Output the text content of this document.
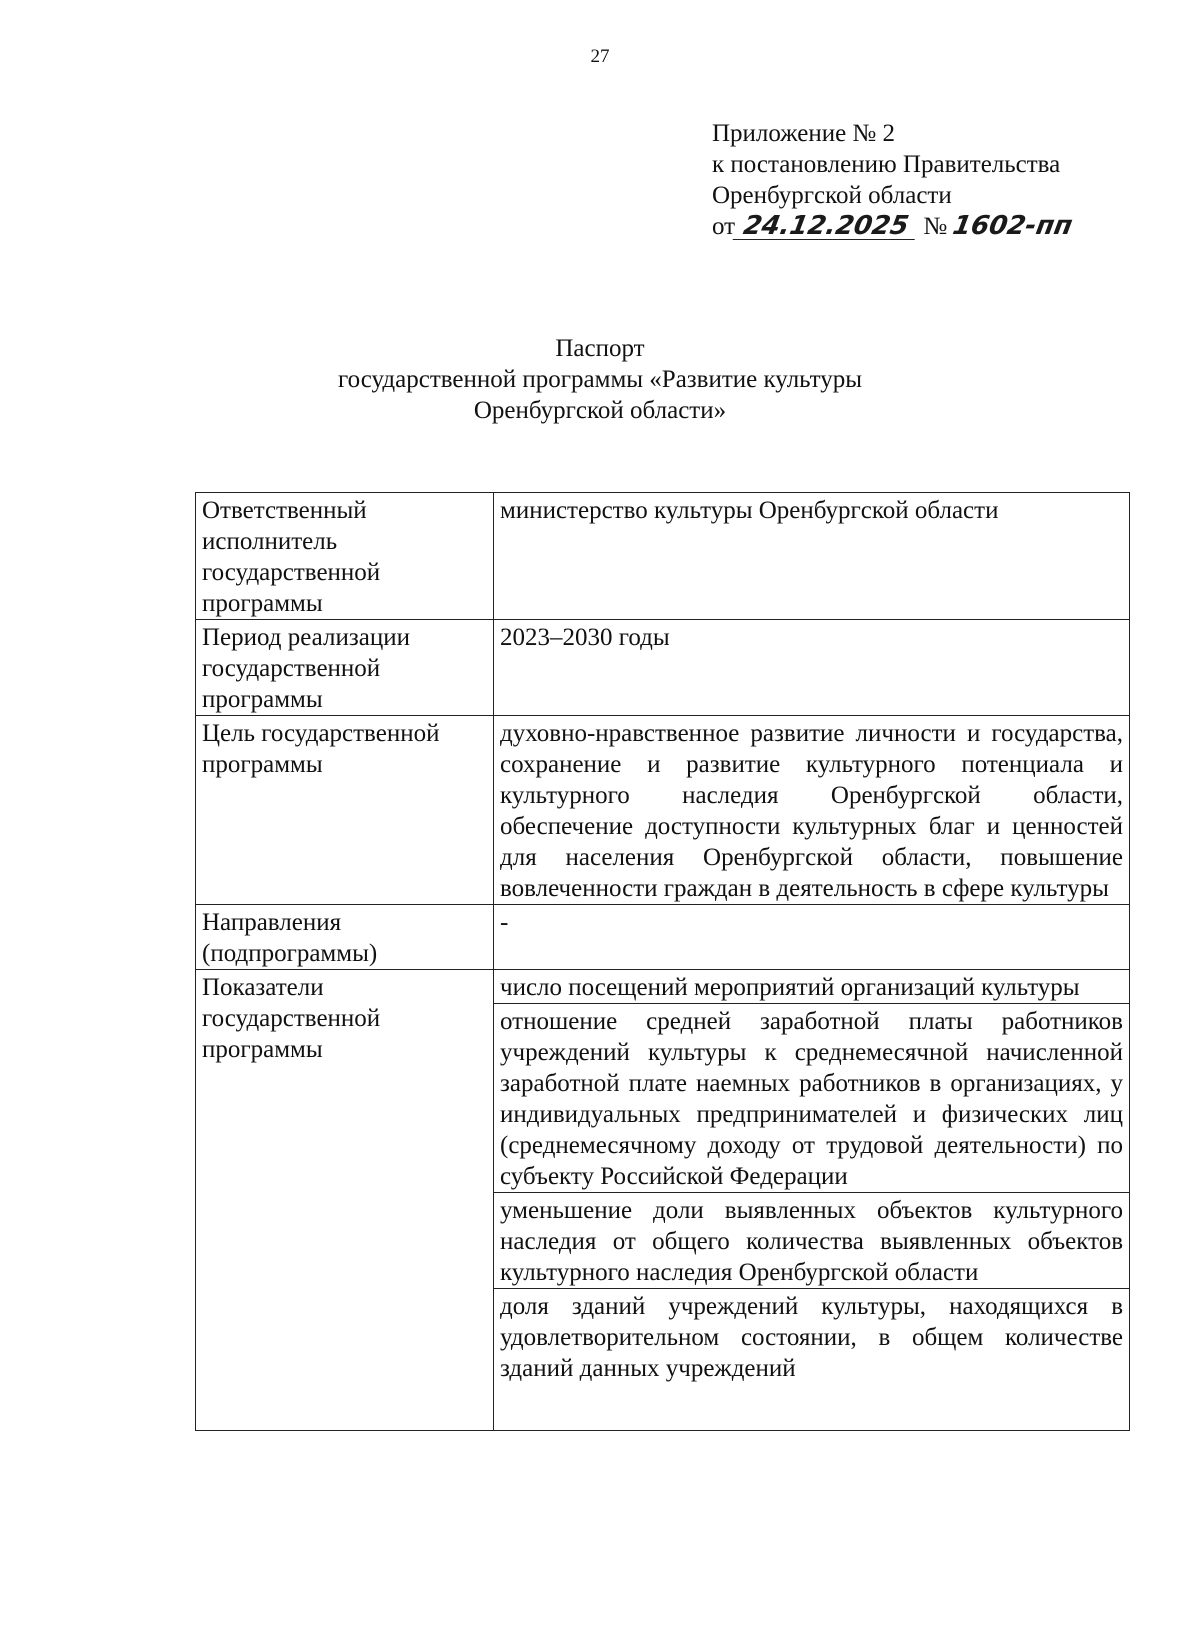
27
Приложение № 2
к постановлению Правительства
Оренбургской области
от 24.12.2025 № 1602-пп
Паспорт
государственной программы «Развитие культуры
Оренбургской области»
Ответственный исполнитель государственной программы	министерство культуры Оренбургской области
Период реализации государственной программы	2023–2030 годы
Цель государственной программы	духовно-нравственное развитие личности и государства, сохранение и развитие культурного потенциала и культурного наследия Оренбургской области, обеспечение доступности культурных благ и ценностей для населения Оренбургской области, повышение вовлеченности граждан в деятельность в сфере культуры
Направления (подпрограммы)	-
Показатели государственной программы	число посещений мероприятий организаций культуры
	отношение средней заработной платы работников учреждений культуры к среднемесячной начисленной заработной плате наемных работников в организациях, у индивидуальных предпринимателей и физических лиц (среднемесячному доходу от трудовой деятельности) по субъекту Российской Федерации
	уменьшение доли выявленных объектов культурного наследия от общего количества выявленных объектов культурного наследия Оренбургской области

	доля зданий учреждений культуры, находящихся в удовлетворительном состоянии, в общем количестве зданий данных учреждений
